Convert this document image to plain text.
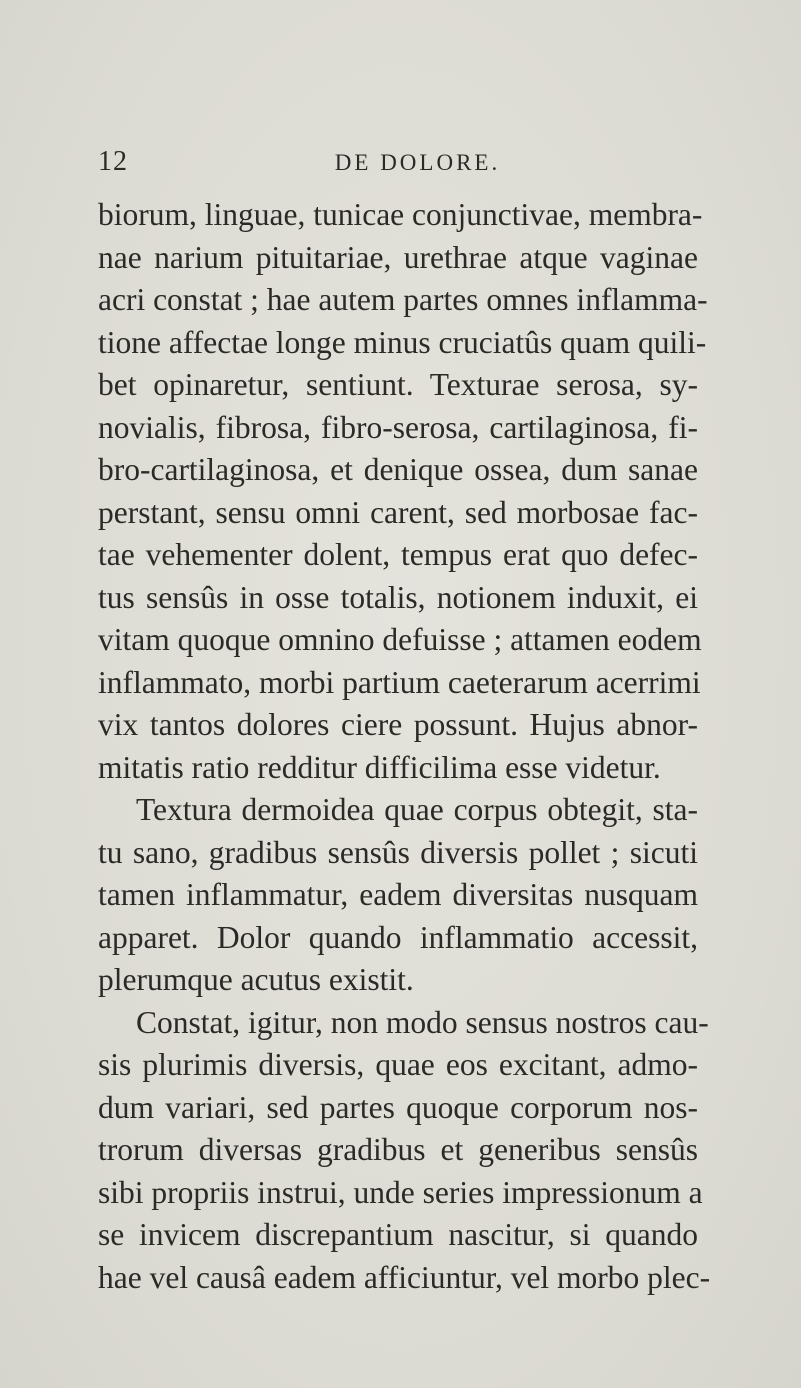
12	DE DOLORE.
biorum, linguae, tunicae conjunctivae, membra-
nae narium pituitariae, urethrae atque vaginae
acri constat ; hae autem partes omnes inflamma-
tione affectae longe minus cruciatûs quam quili-
bet opinaretur, sentiunt. Texturae serosa, sy-
novialis, fibrosa, fibro-serosa, cartilaginosa, fi-
bro-cartilaginosa, et denique ossea, dum sanae
perstant, sensu omni carent, sed morbosae fac-
tae vehementer dolent, tempus erat quo defec-
tus sensûs in osse totalis, notionem induxit, ei
vitam quoque omnino defuisse ; attamen eodem
inflammato, morbi partium caeterarum acerrimi
vix tantos dolores ciere possunt. Hujus abnor-
mitatis ratio redditur difficilima esse videtur.
Textura dermoidea quae corpus obtegit, sta-
tu sano, gradibus sensûs diversis pollet ; sicuti
tamen inflammatur, eadem diversitas nusquam
apparet. Dolor quando inflammatio accessit,
plerumque acutus existit.
Constat, igitur, non modo sensus nostros cau-
sis plurimis diversis, quae eos excitant, admo-
dum variari, sed partes quoque corporum nos-
trorum diversas gradibus et generibus sensûs
sibi propriis instrui, unde series impressionum a
se invicem discrepantium nascitur, si quando
hae vel causâ eadem afficiuntur, vel morbo plec-
